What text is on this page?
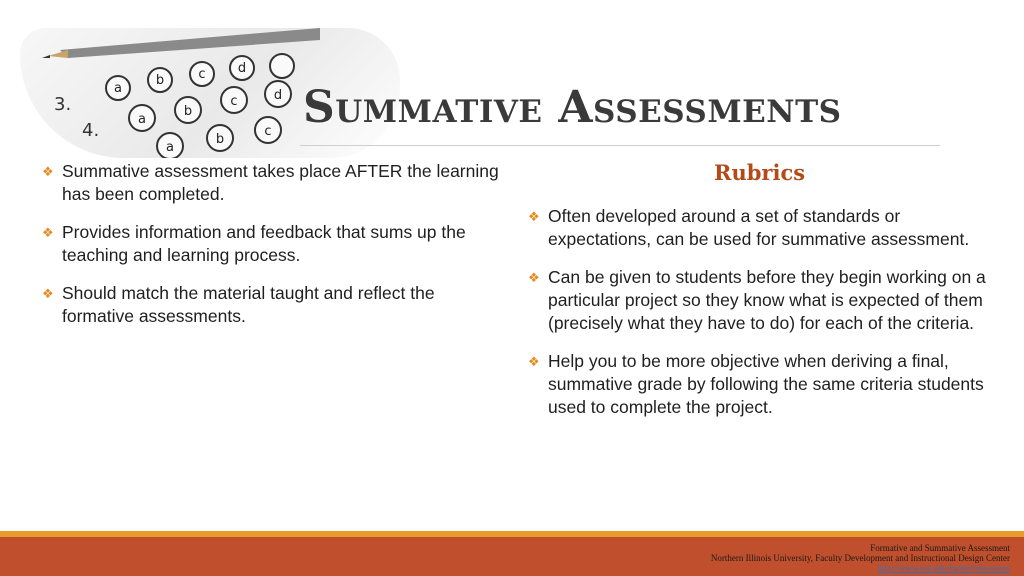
3.
4.
a
b	c d
a
b
c	d
a
b
c Summative Assessments
❖ Summative assessment takes place AFTER the learning has been completed.
❖ Provides information and feedback that sums up the teaching and learning process.
❖ Should match the material taught and reflect the formative assessments.
Rubrics
❖ Often developed around a set of standards or expectations, can be used for summative assessment.
❖ Can be given to students before they begin working on a particular project so they know what is expected of them (precisely what they have to do) for each of the criteria.
❖ Help you to be more objective when deriving a final, summative grade by following the same criteria students used to complete the project.
Formative and Summative Assessment
Northern Illinois University, Faculty Development and Instructional Design Center
http://www.niu.edu/facdev/resources
